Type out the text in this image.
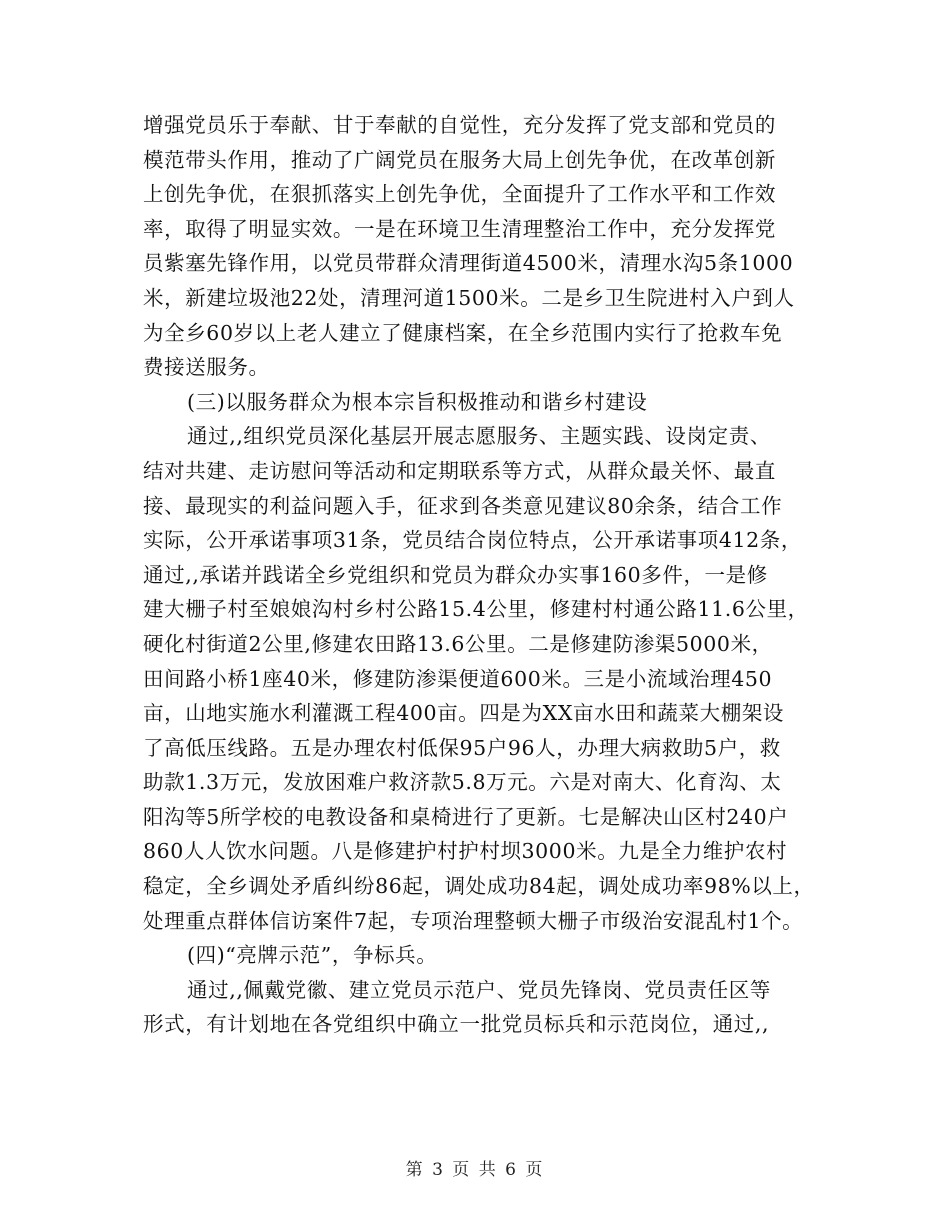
增强党员乐于奉献、甘于奉献的自觉性，充分发挥了党支部和党员的
模范带头作用，推动了广阔党员在服务大局上创先争优，在改革创新
上创先争优，在狠抓落实上创先争优，全面提升了工作水平和工作效
率，取得了明显实效。一是在环境卫生清理整治工作中，充分发挥党
员紫塞先锋作用，以党员带群众清理街道4500米，清理水沟5条1000
米，新建垃圾池22处，清理河道1500米。二是乡卫生院进村入户到人
为全乡60岁以上老人建立了健康档案，在全乡范围内实行了抢救车免
费接送服务。
(三)以服务群众为根本宗旨积极推动和谐乡村建设
通过,,组织党员深化基层开展志愿服务、主题实践、设岗定责、
结对共建、走访慰问等活动和定期联系等方式，从群众最关怀、最直
接、最现实的利益问题入手，征求到各类意见建议80余条，结合工作
实际，公开承诺事项31条，党员结合岗位特点，公开承诺事项412条，
通过,,承诺并践诺全乡党组织和党员为群众办实事160多件，一是修
建大栅子村至娘娘沟村乡村公路15.4公里，修建村村通公路11.6公里，
硬化村街道2公里,修建农田路13.6公里。二是修建防渗渠5000米，
田间路小桥1座40米，修建防渗渠便道600米。三是小流域治理450
亩，山地实施水利灌溉工程400亩。四是为XX亩水田和蔬菜大棚架设
了高低压线路。五是办理农村低保95户96人，办理大病救助5户，救
助款1.3万元，发放困难户救济款5.8万元。六是对南大、化育沟、太
阳沟等5所学校的电教设备和桌椅进行了更新。七是解决山区村240户
860人人饮水问题。八是修建护村护村坝3000米。九是全力维护农村
稳定，全乡调处矛盾纠纷86起，调处成功84起，调处成功率98%以上，
处理重点群体信访案件7起，专项治理整顿大栅子市级治安混乱村1个。
(四)“亮牌示范”，争标兵。
通过,,佩戴党徽、建立党员示范户、党员先锋岗、党员责任区等
形式，有计划地在各党组织中确立一批党员标兵和示范岗位，通过,,
第 3 页 共 6 页
